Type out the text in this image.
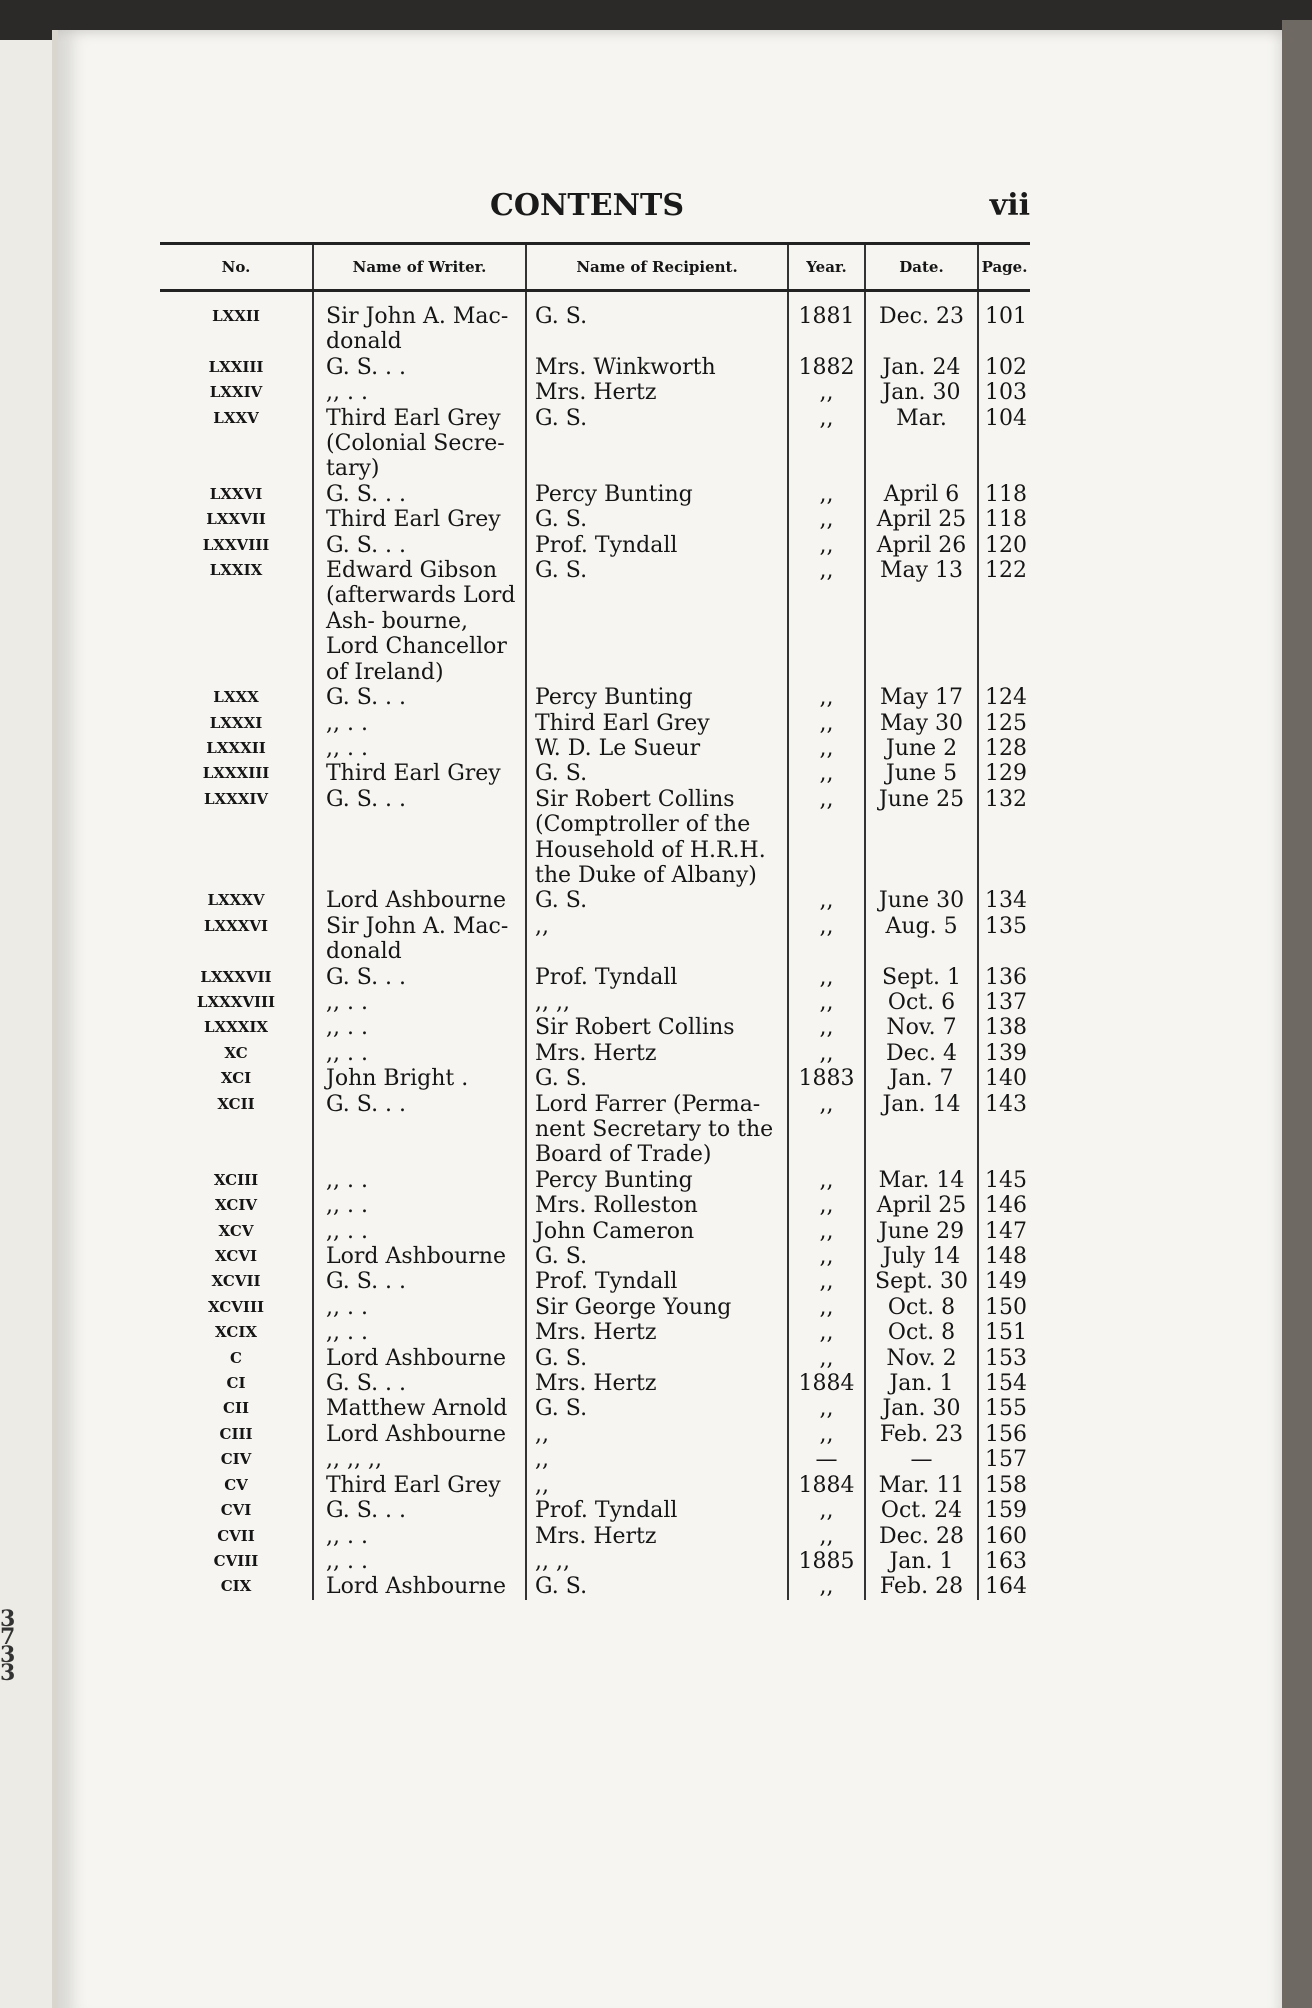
3
7
3
3
CONTENTS	vii
No.	Name of Writer.	Name of Recipient.	Year.	Date.	Page.
LXXII	Sir John A. Mac- donald	G. S.	1881	Dec. 23	101
LXXIII	G. S. . .	Mrs. Winkworth	1882	Jan. 24	102
LXXIV	,, . .	Mrs. Hertz	,,	Jan. 30	103
LXXV	Third Earl Grey (Colonial Secre- tary)	G. S.	,,	Mar.	104
LXXVI	G. S. . .	Percy Bunting	,,	April 6	118
LXXVII	Third Earl Grey	G. S.	,,	April 25	118
LXXVIII	G. S. . .	Prof. Tyndall	,,	April 26	120
LXXIX	Edward Gibson (afterwards Lord Ash- bourne, Lord Chancellor of Ireland)	G. S.	,,	May 13	122
LXXX	G. S. . .	Percy Bunting	,,	May 17	124
LXXXI	,, . .	Third Earl Grey	,,	May 30	125
LXXXII	,, . .	W. D. Le Sueur	,,	June 2	128
LXXXIII	Third Earl Grey	G. S.	,,	June 5	129
LXXXIV	G. S. . .	Sir Robert Collins (Comptroller of the Household of H.R.H. the Duke of Albany)	,,	June 25	132
LXXXV	Lord Ashbourne	G. S.	,,	June 30	134
LXXXVI	Sir John A. Mac- donald	,,	,,	Aug. 5	135
LXXXVII	G. S. . .	Prof. Tyndall	,,	Sept. 1	136
LXXXVIII	,, . .	,, ,,	,,	Oct. 6	137
LXXXIX	,, . .	Sir Robert Collins	,,	Nov. 7	138
XC	,, . .	Mrs. Hertz	,,	Dec. 4	139
XCI	John Bright .	G. S.	1883	Jan. 7	140
XCII	G. S. . .	Lord Farrer (Perma- nent Secretary to the Board of Trade)	,,	Jan. 14	143
XCIII	,, . .	Percy Bunting	,,	Mar. 14	145
XCIV	,, . .	Mrs. Rolleston	,,	April 25	146
XCV	,, . .	John Cameron	,,	June 29	147
XCVI	Lord Ashbourne	G. S.	,,	July 14	148
XCVII	G. S. . .	Prof. Tyndall	,,	Sept. 30	149
XCVIII	,, . .	Sir George Young	,,	Oct. 8	150
XCIX	,, . .	Mrs. Hertz	,,	Oct. 8	151
C	Lord Ashbourne	G. S.	,,	Nov. 2	153
CI	G. S. . .	Mrs. Hertz	1884	Jan. 1	154
CII	Matthew Arnold	G. S.	,,	Jan. 30	155
CIII	Lord Ashbourne	,,	,,	Feb. 23	156
CIV	,, ,, ,,	,,	—	—	157
CV	Third Earl Grey	,,	1884	Mar. 11	158
CVI	G. S. . .	Prof. Tyndall	,,	Oct. 24	159
CVII	,, . .	Mrs. Hertz	,,	Dec. 28	160
CVIII	,, . .	,, ,,	1885	Jan. 1	163
CIX	Lord Ashbourne	G. S.	,,	Feb. 28	164
